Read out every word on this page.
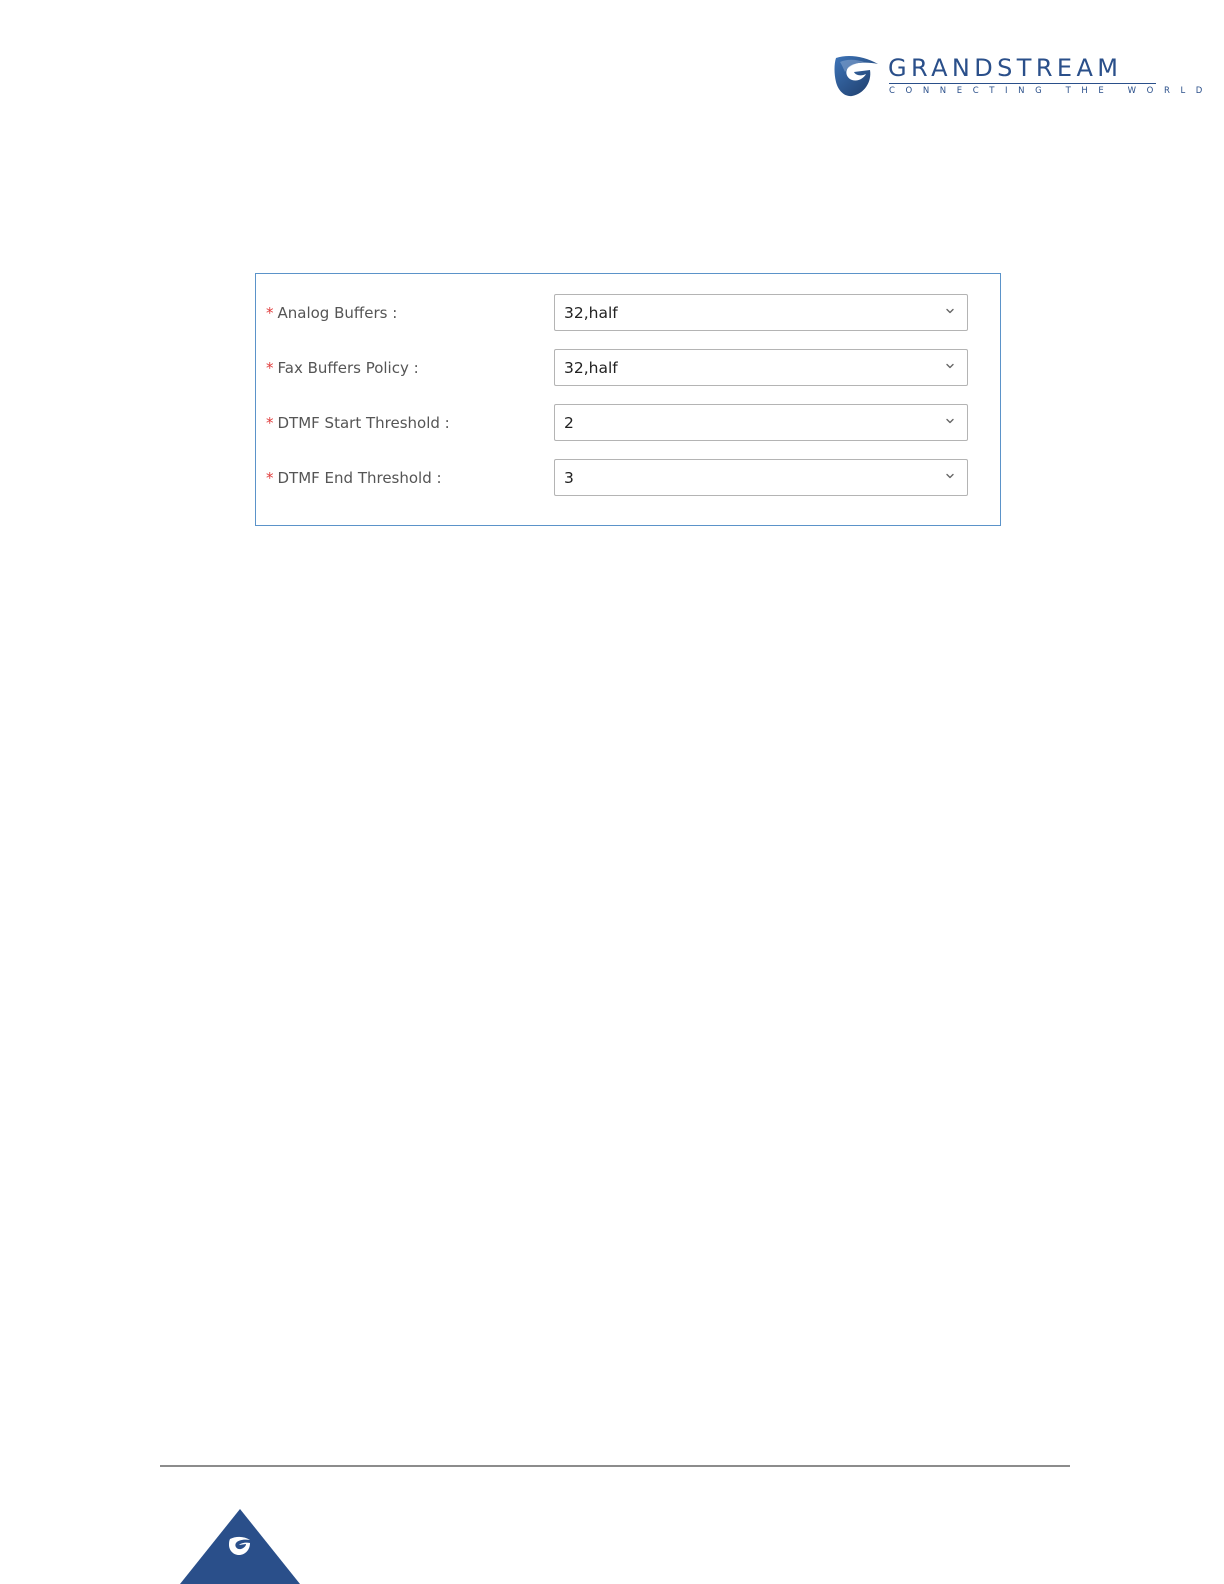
GRANDSTREAM
CONNECTING THE WORLD
* Analog Buffers :	32,half
* Fax Buffers Policy :	32,half
* DTMF Start Threshold :	2
* DTMF End Threshold :	3
